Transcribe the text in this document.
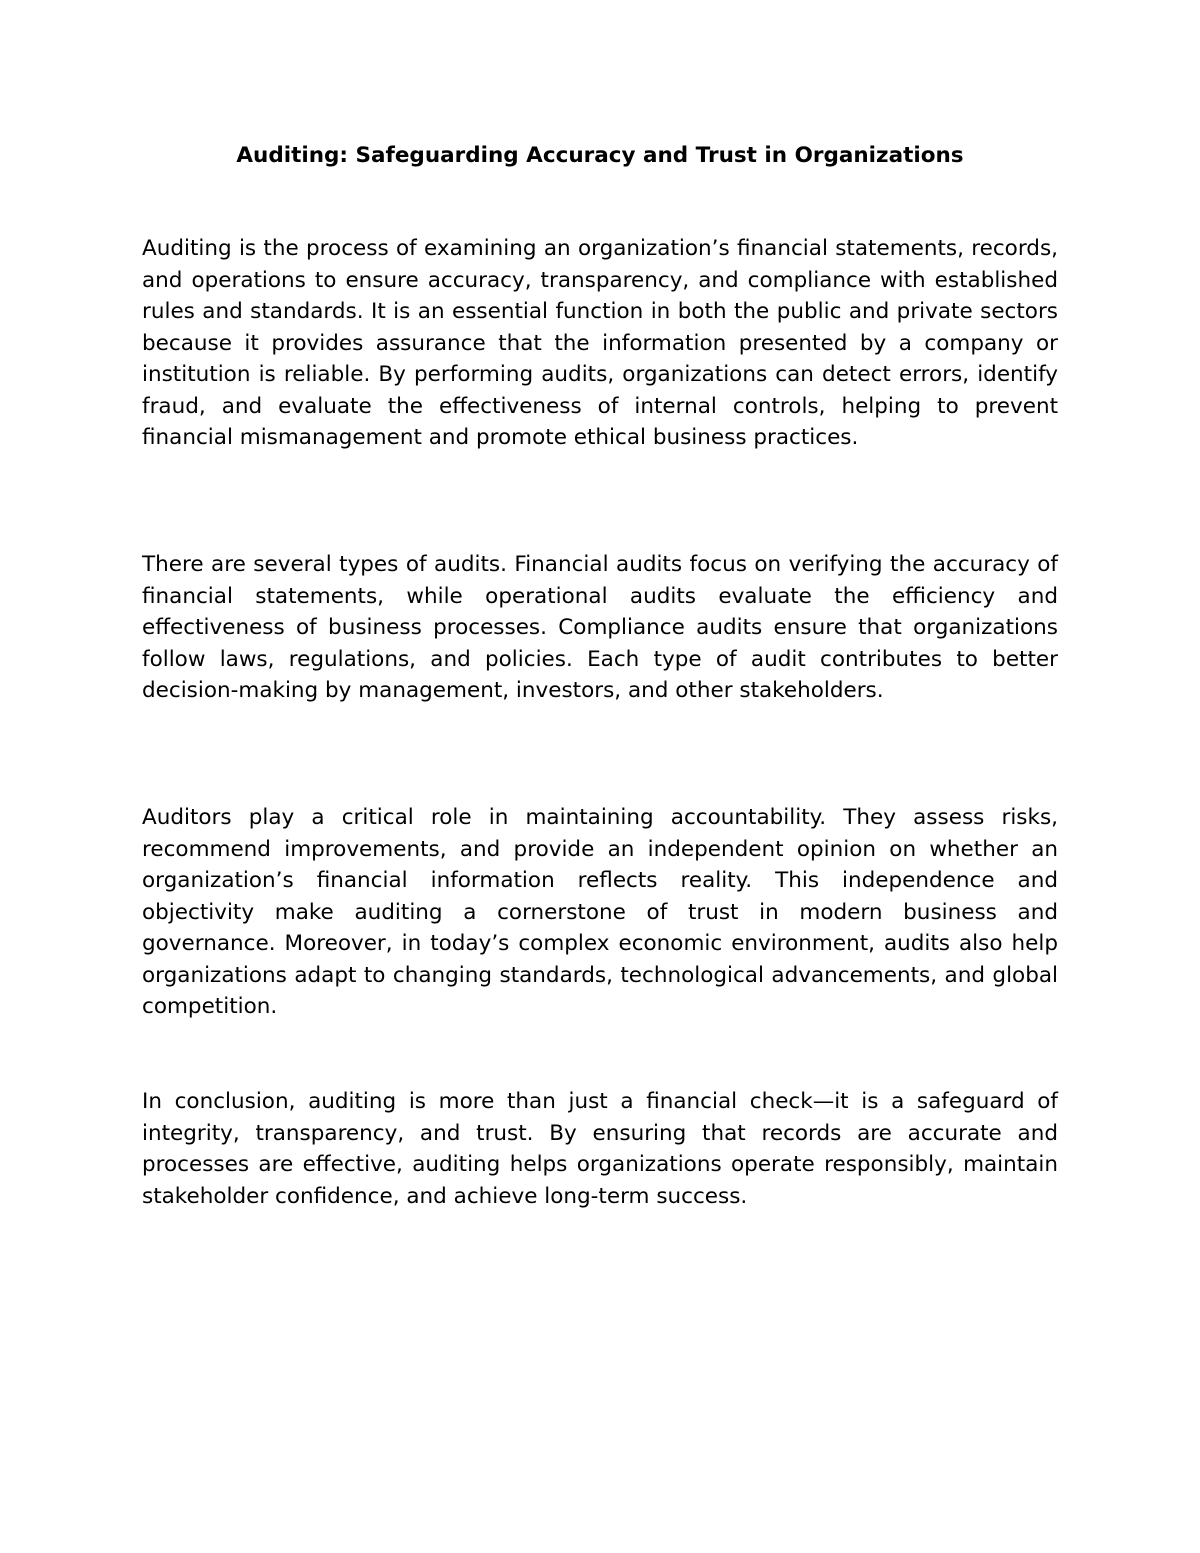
Auditing: Safeguarding Accuracy and Trust in Organizations

Auditing is the process of examining an organization’s financial statements, records, and operations to ensure accuracy, transparency, and compliance with established rules and standards. It is an essential function in both the public and private sectors because it provides assurance that the information presented by a company or institution is reliable. By performing audits, organizations can detect errors, identify fraud, and evaluate the effectiveness of internal controls, helping to prevent financial mismanagement and promote ethical business practices.

There are several types of audits. Financial audits focus on verifying the accuracy of financial statements, while operational audits evaluate the efficiency and effectiveness of business processes. Compliance audits ensure that organizations follow laws, regulations, and policies. Each type of audit contributes to better decision-making by management, investors, and other stakeholders.

Auditors play a critical role in maintaining accountability. They assess risks, recommend improvements, and provide an independent opinion on whether an organization’s financial information reflects reality. This independence and objectivity make auditing a cornerstone of trust in modern business and governance. Moreover, in today’s complex economic environment, audits also help organizations adapt to changing standards, technological advancements, and global competition.

In conclusion, auditing is more than just a financial check—it is a safeguard of integrity, transparency, and trust. By ensuring that records are accurate and processes are effective, auditing helps organizations operate responsibly, maintain stakeholder confidence, and achieve long-term success.
